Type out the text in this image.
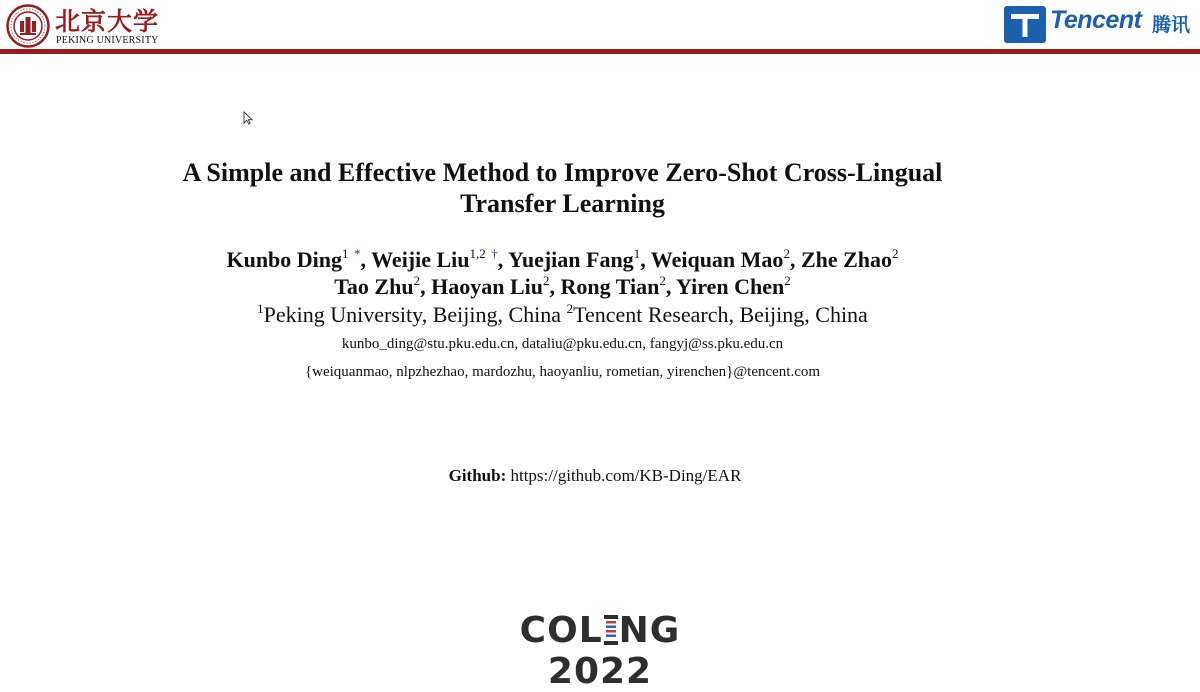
北京大学
PEKING UNIVERSITY
Tencent 腾讯
A Simple and Effective Method to Improve Zero-Shot Cross-Lingual
Transfer Learning
Kunbo Ding$^1$ *, Weijie Liu$^{1,2}$ †, Yuejian Fang$^1$, Weiquan Mao$^2$, Zhe Zhao$^2$
Tao Zhu$^2$, Haoyan Liu$^2$, Rong Tian$^2$, Yiren Chen$^2$
$^1$Peking University, Beijing, China $^2$Tencent Research, Beijing, China
kunbo_ding@stu.pku.edu.cn, dataliu@pku.edu.cn, fangyj@ss.pku.edu.cn
{weiquanmao, nlpzhezhao, mardozhu, haoyanliu, rometian, yirenchen}@tencent.com
Github: https://github.com/KB-Ding/EAR
COL NG 2022
